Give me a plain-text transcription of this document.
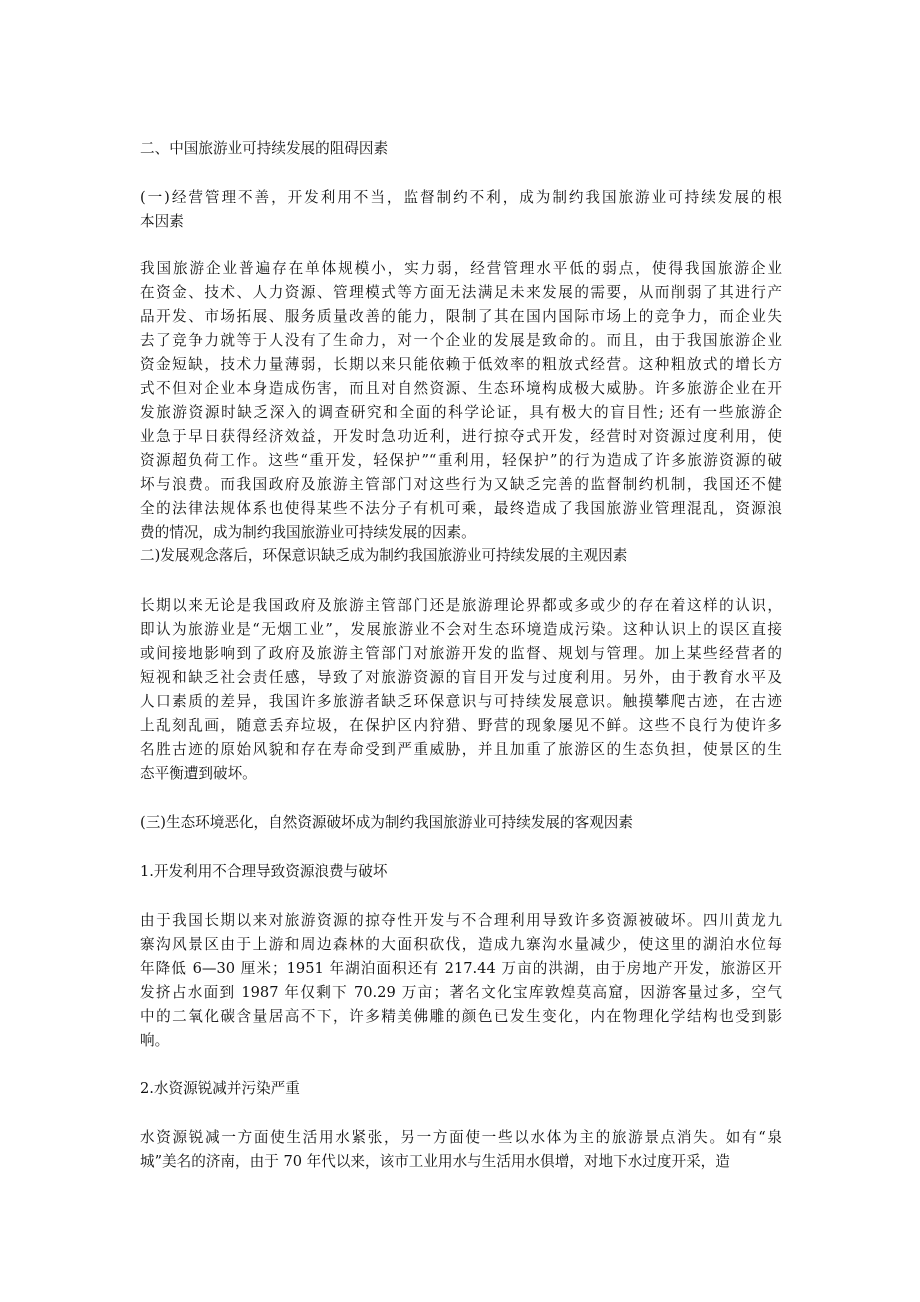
二、中国旅游业可持续发展的阻碍因素
(一)经营管理不善，开发利用不当，监督制约不利，成为制约我国旅游业可持续发展的根
本因素
我国旅游企业普遍存在单体规模小，实力弱，经营管理水平低的弱点，使得我国旅游企业
在资金、技术、人力资源、管理模式等方面无法满足未来发展的需要，从而削弱了其进行产
品开发、市场拓展、服务质量改善的能力，限制了其在国内国际市场上的竞争力，而企业失
去了竞争力就等于人没有了生命力，对一个企业的发展是致命的。而且，由于我国旅游企业
资金短缺，技术力量薄弱，长期以来只能依赖于低效率的粗放式经营。这种粗放式的增长方
式不但对企业本身造成伤害，而且对自然资源、生态环境构成极大威胁。许多旅游企业在开
发旅游资源时缺乏深入的调查研究和全面的科学论证，具有极大的盲目性; 还有一些旅游企
业急于早日获得经济效益，开发时急功近利，进行掠夺式开发，经营时对资源过度利用，使
资源超负荷工作。这些“重开发，轻保护”“重利用，轻保护”的行为造成了许多旅游资源的破
坏与浪费。而我国政府及旅游主管部门对这些行为又缺乏完善的监督制约机制，我国还不健
全的法律法规体系也使得某些不法分子有机可乘，最终造成了我国旅游业管理混乱，资源浪
费的情况，成为制约我国旅游业可持续发展的因素。
二)发展观念落后，环保意识缺乏成为制约我国旅游业可持续发展的主观因素
长期以来无论是我国政府及旅游主管部门还是旅游理论界都或多或少的存在着这样的认识，
即认为旅游业是“无烟工业”，发展旅游业不会对生态环境造成污染。这种认识上的误区直接
或间接地影响到了政府及旅游主管部门对旅游开发的监督、规划与管理。加上某些经营者的
短视和缺乏社会责任感，导致了对旅游资源的盲目开发与过度利用。另外，由于教育水平及
人口素质的差异，我国许多旅游者缺乏环保意识与可持续发展意识。触摸攀爬古迹，在古迹
上乱刻乱画，随意丢弃垃圾，在保护区内狩猎、野营的现象屡见不鲜。这些不良行为使许多
名胜古迹的原始风貌和存在寿命受到严重威胁，并且加重了旅游区的生态负担，使景区的生
态平衡遭到破坏。
(三)生态环境恶化，自然资源破坏成为制约我国旅游业可持续发展的客观因素
1.开发利用不合理导致资源浪费与破坏
由于我国长期以来对旅游资源的掠夺性开发与不合理利用导致许多资源被破坏。四川黄龙九
寨沟风景区由于上游和周边森林的大面积砍伐，造成九寨沟水量减少，使这里的湖泊水位每
年降低 6—30 厘米；1951 年湖泊面积还有 217.44 万亩的洪湖，由于房地产开发，旅游区开
发挤占水面到 1987 年仅剩下 70.29 万亩；著名文化宝库敦煌莫高窟，因游客量过多，空气
中的二氧化碳含量居高不下，许多精美佛雕的颜色已发生变化，内在物理化学结构也受到影
响。
2.水资源锐减并污染严重
水资源锐减一方面使生活用水紧张，另一方面使一些以水体为主的旅游景点消失。如有“泉
城”美名的济南，由于 70 年代以来，该市工业用水与生活用水俱增，对地下水过度开采，造
